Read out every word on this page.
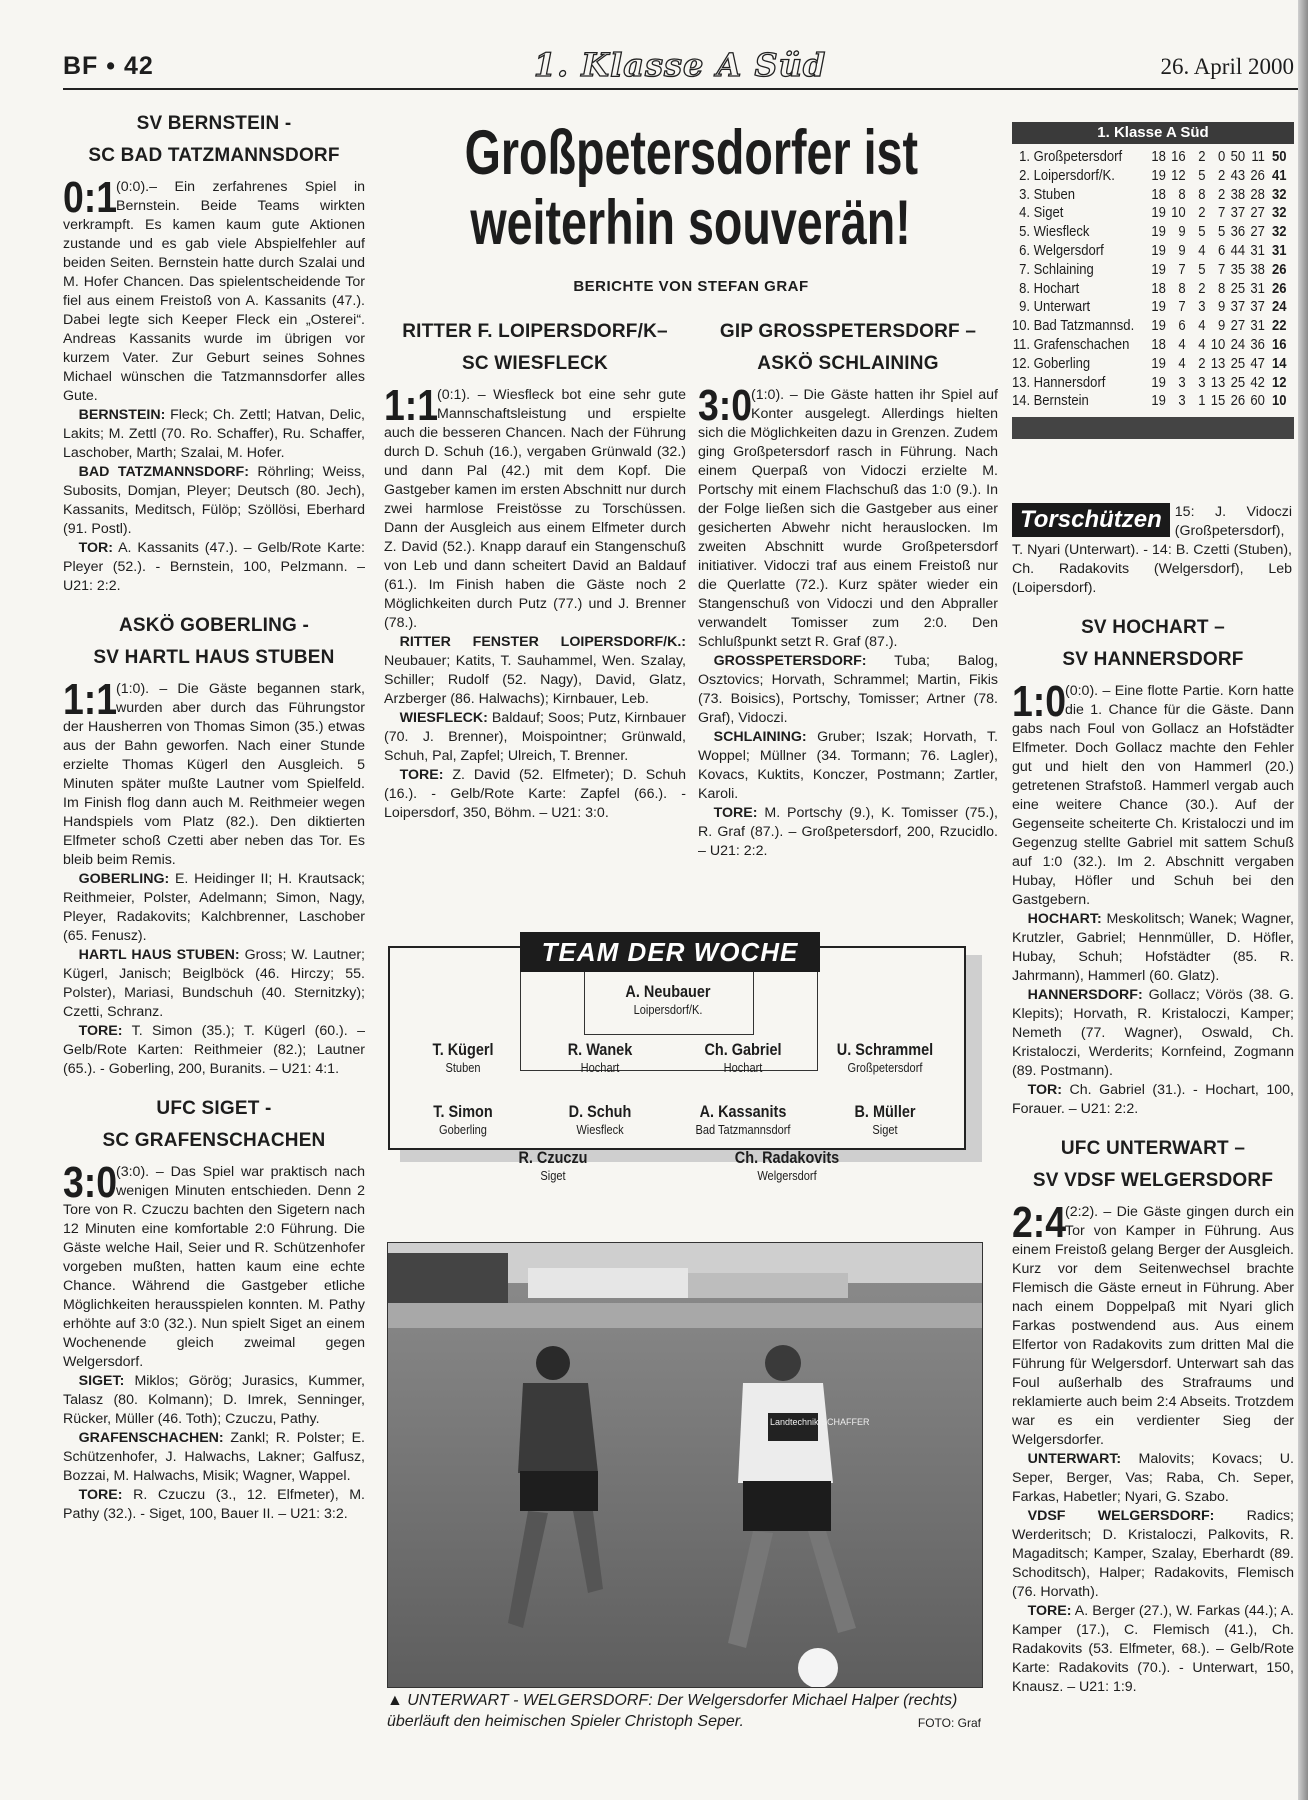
BF • 42	1. Klasse A Süd	26. April 2000
Großpetersdorfer ist
weiterhin souverän!
BERICHTE VON STEFAN GRAF
SV BERNSTEIN -
SC BAD TATZMANNSDORF

0:1
(0:0).– Ein zerfahrenes Spiel in Bernstein. Beide Teams wirkten verkrampft. Es kamen kaum gute Aktionen zustande und es gab viele Abspielfehler auf beiden Seiten. Bernstein hatte durch Szalai und M. Hofer Chancen. Das spielentscheidende Tor fiel aus einem Freistoß von A. Kassanits (47.). Dabei legte sich Keeper Fleck ein „Osterei“. Andreas Kassanits wurde im übrigen vor kurzem Vater. Zur Geburt seines Sohnes Michael wünschen die Tatzmannsdorfer alles Gute.

BERNSTEIN: Fleck; Ch. Zettl; Hatvan, Delic, Lakits; M. Zettl (70. Ro. Schaffer), Ru. Schaffer, Laschober, Marth; Szalai, M. Hofer.

BAD TATZMANNSDORF: Röhrling; Weiss, Subosits, Domjan, Pleyer; Deutsch (80. Jech), Kassanits, Meditsch, Fülöp; Szöllösi, Eberhard (91. Postl).

TOR: A. Kassanits (47.). – Gelb/Rote Karte: Pleyer (52.). - Bernstein, 100, Pelzmann. – U21: 2:2.

ASKÖ GOBERLING -
SV HARTL HAUS STUBEN

1:1
(1:0). – Die Gäste begannen stark, wurden aber durch das Führungstor der Hausherren von Thomas Simon (35.) etwas aus der Bahn geworfen. Nach einer Stunde erzielte Thomas Kügerl den Ausgleich. 5 Minuten später mußte Lautner vom Spielfeld. Im Finish flog dann auch M. Reithmeier wegen Handspiels vom Platz (82.). Den diktierten Elfmeter schoß Czetti aber neben das Tor. Es bleib beim Remis.

GOBERLING: E. Heidinger II; H. Krautsack; Reithmeier, Polster, Adelmann; Simon, Nagy, Pleyer, Radakovits; Kalchbrenner, Laschober (65. Fenusz).

HARTL HAUS STUBEN: Gross; W. Lautner; Kügerl, Janisch; Beiglböck (46. Hirczy; 55. Polster), Mariasi, Bundschuh (40. Sternitzky); Czetti, Schranz.

TORE: T. Simon (35.); T. Kügerl (60.). – Gelb/Rote Karten: Reithmeier (82.); Lautner (65.). - Goberling, 200, Buranits. – U21: 4:1.

UFC SIGET -
SC GRAFENSCHACHEN

3:0
(3:0). – Das Spiel war praktisch nach wenigen Minuten entschieden. Denn 2 Tore von R. Czuczu bachten den Sigetern nach 12 Minuten eine komfortable 2:0 Führung. Die Gäste welche Hail, Seier und R. Schützenhofer vorgeben mußten, hatten kaum eine echte Chance. Während die Gastgeber etliche Möglichkeiten herausspielen konnten. M. Pathy erhöhte auf 3:0 (32.). Nun spielt Siget an einem Wochenende gleich zweimal gegen Welgersdorf.

SIGET: Miklos; Görög; Jurasics, Kummer, Talasz (80. Kolmann); D. Imrek, Senninger, Rücker, Müller (46. Toth); Czuczu, Pathy.

GRAFENSCHACHEN: Zankl; R. Polster; E. Schützenhofer, J. Halwachs, Lakner; Galfusz, Bozzai, M. Halwachs, Misik; Wagner, Wappel.

TORE: R. Czuczu (3., 12. Elfmeter), M. Pathy (32.). - Siget, 100, Bauer II. – U21: 3:2.

RITTER F. LOIPERSDORF/K–
SC WIESFLECK

1:1
(0:1). – Wiesfleck bot eine sehr gute Mannschaftsleistung und erspielte auch die besseren Chancen. Nach der Führung durch D. Schuh (16.), vergaben Grünwald (32.) und dann Pal (42.) mit dem Kopf. Die Gastgeber kamen im ersten Abschnitt nur durch zwei harmlose Freistösse zu Torschüssen. Dann der Ausgleich aus einem Elfmeter durch Z. David (52.). Knapp darauf ein Stangenschuß von Leb und dann scheitert David an Baldauf (61.). Im Finish haben die Gäste noch 2 Möglichkeiten durch Putz (77.) und J. Brenner (78.).

RITTER FENSTER LOIPERSDORF/K.: Neubauer; Katits, T. Sauhammel, Wen. Szalay, Schiller; Rudolf (52. Nagy), David, Glatz, Arzberger (86. Halwachs); Kirnbauer, Leb.

WIESFLECK: Baldauf; Soos; Putz, Kirnbauer (70. J. Brenner), Moispointner; Grünwald, Schuh, Pal, Zapfel; Ulreich, T. Brenner.

TORE: Z. David (52. Elfmeter); D. Schuh (16.). - Gelb/Rote Karte: Zapfel (66.). - Loipersdorf, 350, Böhm. – U21: 3:0.

GIP GROSSPETERSDORF –
ASKÖ SCHLAINING

3:0
(1:0). – Die Gäste hatten ihr Spiel auf Konter ausgelegt. Allerdings hielten sich die Möglichkeiten dazu in Grenzen. Zudem ging Großpetersdorf rasch in Führung. Nach einem Querpaß von Vidoczi erzielte M. Portschy mit einem Flachschuß das 1:0 (9.). In der Folge ließen sich die Gastgeber aus einer gesicherten Abwehr nicht herauslocken. Im zweiten Abschnitt wurde Großpetersdorf initiativer. Vidoczi traf aus einem Freistoß nur die Querlatte (72.). Kurz später wieder ein Stangenschuß von Vidoczi und den Abpraller verwandelt Tomisser zum 2:0. Den Schlußpunkt setzt R. Graf (87.).

GROSSPETERSDORF: Tuba; Balog, Osztovics; Horvath, Schrammel; Martin, Fikis (73. Boisics), Portschy, Tomisser; Artner (78. Graf), Vidoczi.

SCHLAINING: Gruber; Iszak; Horvath, T. Woppel; Müllner (34. Tormann; 76. Lagler), Kovacs, Kuktits, Konczer, Postmann; Zartler, Karoli.

TORE: M. Portschy (9.), K. Tomisser (75.), R. Graf (87.). – Großpetersdorf, 200, Rzucidlo. – U21: 2:2.

SV HOCHART –
SV HANNERSDORF

1:0
(0:0). – Eine flotte Partie. Korn hatte die 1. Chance für die Gäste. Dann gabs nach Foul von Gollacz an Hofstädter Elfmeter. Doch Gollacz machte den Fehler gut und hielt den von Hammerl (20.) getretenen Strafstoß. Hammerl vergab auch eine weitere Chance (30.). Auf der Gegenseite scheiterte Ch. Kristaloczi und im Gegenzug stellte Gabriel mit sattem Schuß auf 1:0 (32.). Im 2. Abschnitt vergaben Hubay, Höfler und Schuh bei den Gastgebern.

HOCHART: Meskolitsch; Wanek; Wagner, Krutzler, Gabriel; Hennmüller, D. Höfler, Hubay, Schuh; Hofstädter (85. R. Jahrmann), Hammerl (60. Glatz).

HANNERSDORF: Gollacz; Vörös (38. G. Klepits); Horvath, R. Kristaloczi, Kamper; Nemeth (77. Wagner), Oswald, Ch. Kristaloczi, Werderits; Kornfeind, Zogmann (89. Postmann).

TOR: Ch. Gabriel (31.). - Hochart, 100, Forauer. – U21: 2:2.

UFC UNTERWART –
SV VDSF WELGERSDORF

2:4
(2:2). – Die Gäste gingen durch ein Tor von Kamper in Führung. Aus einem Freistoß gelang Berger der Ausgleich. Kurz vor dem Seitenwechsel brachte Flemisch die Gäste erneut in Führung. Aber nach einem Doppelpaß mit Nyari glich Farkas postwendend aus. Aus einem Elfertor von Radakovits zum dritten Mal die Führung für Welgersdorf. Unterwart sah das Foul außerhalb des Strafraums und reklamierte auch beim 2:4 Abseits. Trotzdem war es ein verdienter Sieg der Welgersdorfer.

UNTERWART: Malovits; Kovacs; U. Seper, Berger, Vas; Raba, Ch. Seper, Farkas, Habetler; Nyari, G. Szabo.

VDSF WELGERSDORF: Radics; Werderitsch; D. Kristaloczi, Palkovits, R. Magaditsch; Kamper, Szalay, Eberhardt (89. Schoditsch), Halper; Radakovits, Flemisch (76. Horvath).

TORE: A. Berger (27.), W. Farkas (44.); A. Kamper (17.), C. Flemisch (41.), Ch. Radakovits (53. Elfmeter, 68.). – Gelb/Rote Karte: Radakovits (70.). - Unterwart, 150, Knausz. – U21: 1:9.

1. Klasse A Süd
1. Großpetersdorf	18 16 2 0 50 11 50
2. Loipersdorf/K.	19 12 5 2 43 26 41
3. Stuben	18 8 8 2 38 28 32
4. Siget	19 10 2 7 37 27 32
5. Wiesfleck	19 9 5 5 36 27 32
6. Welgersdorf	19 9 4 6 44 31 31
7. Schlaining	19 7 5 7 35 38 26
8. Hochart	18 8 2 8 25 31 26
9. Unterwart	19 7 3 9 37 37 24
10. Bad Tatzmannsd.	19 6 4 9 27 31 22
11. Grafenschachen	18 4 4 10 24 36 16
12. Goberling	19 4 2 13 25 47 14
13. Hannersdorf	19 3 3 13 25 42 12
14. Bernstein	19 3 1 15 26 60 10
Torschützen 15: J. Vidoczi (Großpetersdorf), T. Nyari (Unterwart). - 14: B. Czetti (Stuben), Ch. Radakovits (Welgersdorf), Leb (Loipersdorf).
TEAM DER WOCHE
A. Neubauer
Loipersdorf/K.
T. Kügerl
Stuben
R. Wanek
Hochart
Ch. Gabriel
Hochart
U. Schrammel
Großpetersdorf
T. Simon
Goberling
D. Schuh
Wiesfleck
A. Kassanits
Bad Tatzmannsdorf
B. Müller
Siget
R. Czuczu
Siget
Ch. Radakovits
Welgersdorf
Landtechnik SCHAFFER
▲ UNTERWART - WELGERSDORF: Der Welgersdorfer Michael Halper (rechts) überläuft den heimischen Spieler Christoph Seper.	FOTO: Graf
